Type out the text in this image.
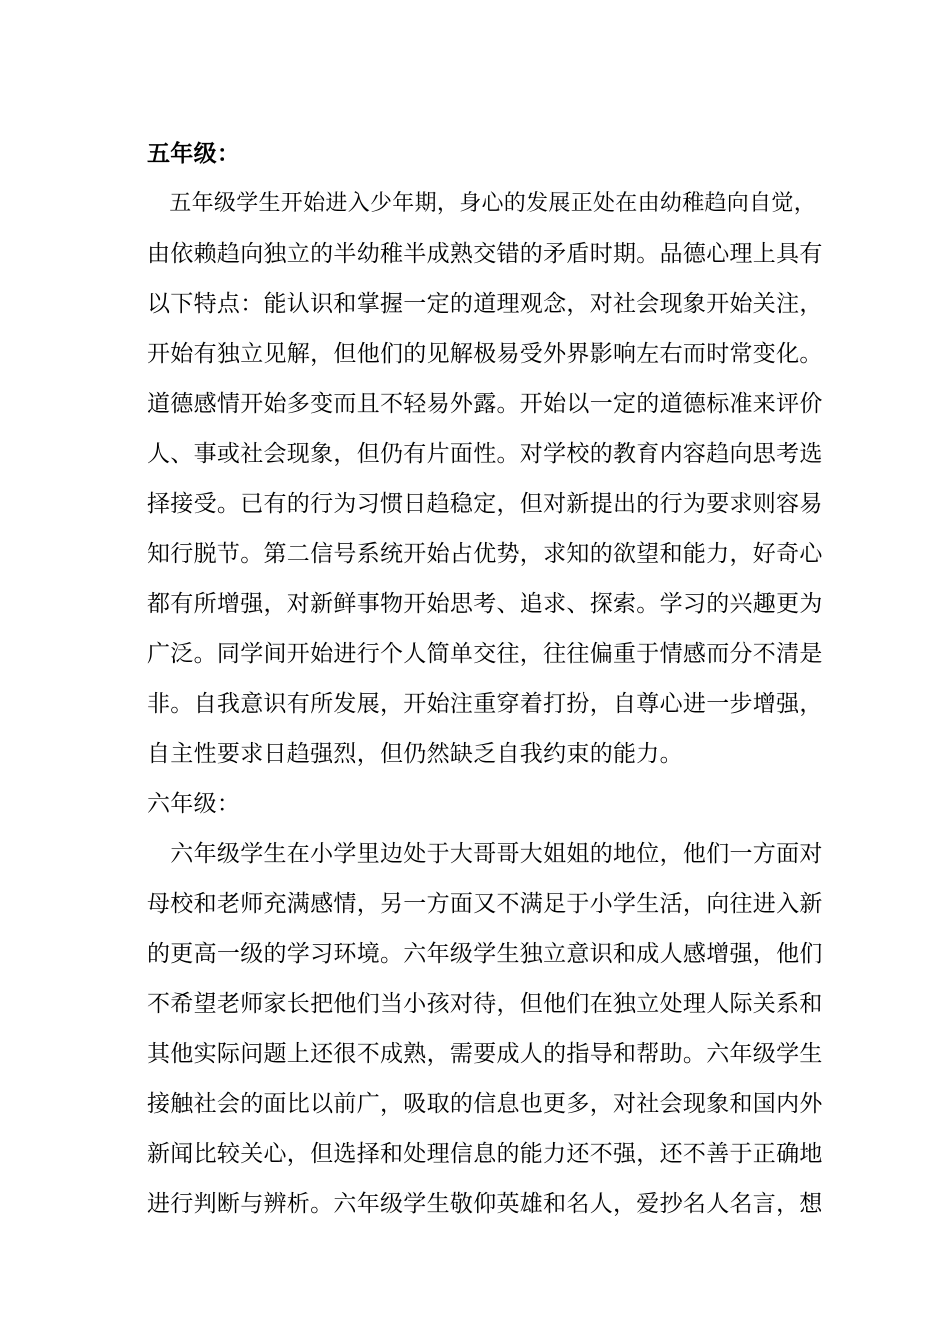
五年级：
　五年级学生开始进入少年期，身心的发展正处在由幼稚趋向自觉，
由依赖趋向独立的半幼稚半成熟交错的矛盾时期。品德心理上具有
以下特点：能认识和掌握一定的道理观念，对社会现象开始关注，
开始有独立见解，但他们的见解极易受外界影响左右而时常变化。
道德感情开始多变而且不轻易外露。开始以一定的道德标准来评价
人、事或社会现象，但仍有片面性。对学校的教育内容趋向思考选
择接受。已有的行为习惯日趋稳定，但对新提出的行为要求则容易
知行脱节。第二信号系统开始占优势，求知的欲望和能力，好奇心
都有所增强，对新鲜事物开始思考、追求、探索。学习的兴趣更为
广泛。同学间开始进行个人简单交往，往往偏重于情感而分不清是
非。自我意识有所发展，开始注重穿着打扮，自尊心进一步增强，
自主性要求日趋强烈，但仍然缺乏自我约束的能力。
六年级：
　六年级学生在小学里边处于大哥哥大姐姐的地位，他们一方面对
母校和老师充满感情，另一方面又不满足于小学生活，向往进入新
的更高一级的学习环境。六年级学生独立意识和成人感增强，他们
不希望老师家长把他们当小孩对待，但他们在独立处理人际关系和
其他实际问题上还很不成熟，需要成人的指导和帮助。六年级学生
接触社会的面比以前广，吸取的信息也更多，对社会现象和国内外
新闻比较关心，但选择和处理信息的能力还不强，还不善于正确地
进行判断与辨析。六年级学生敬仰英雄和名人，爱抄名人名言，想
